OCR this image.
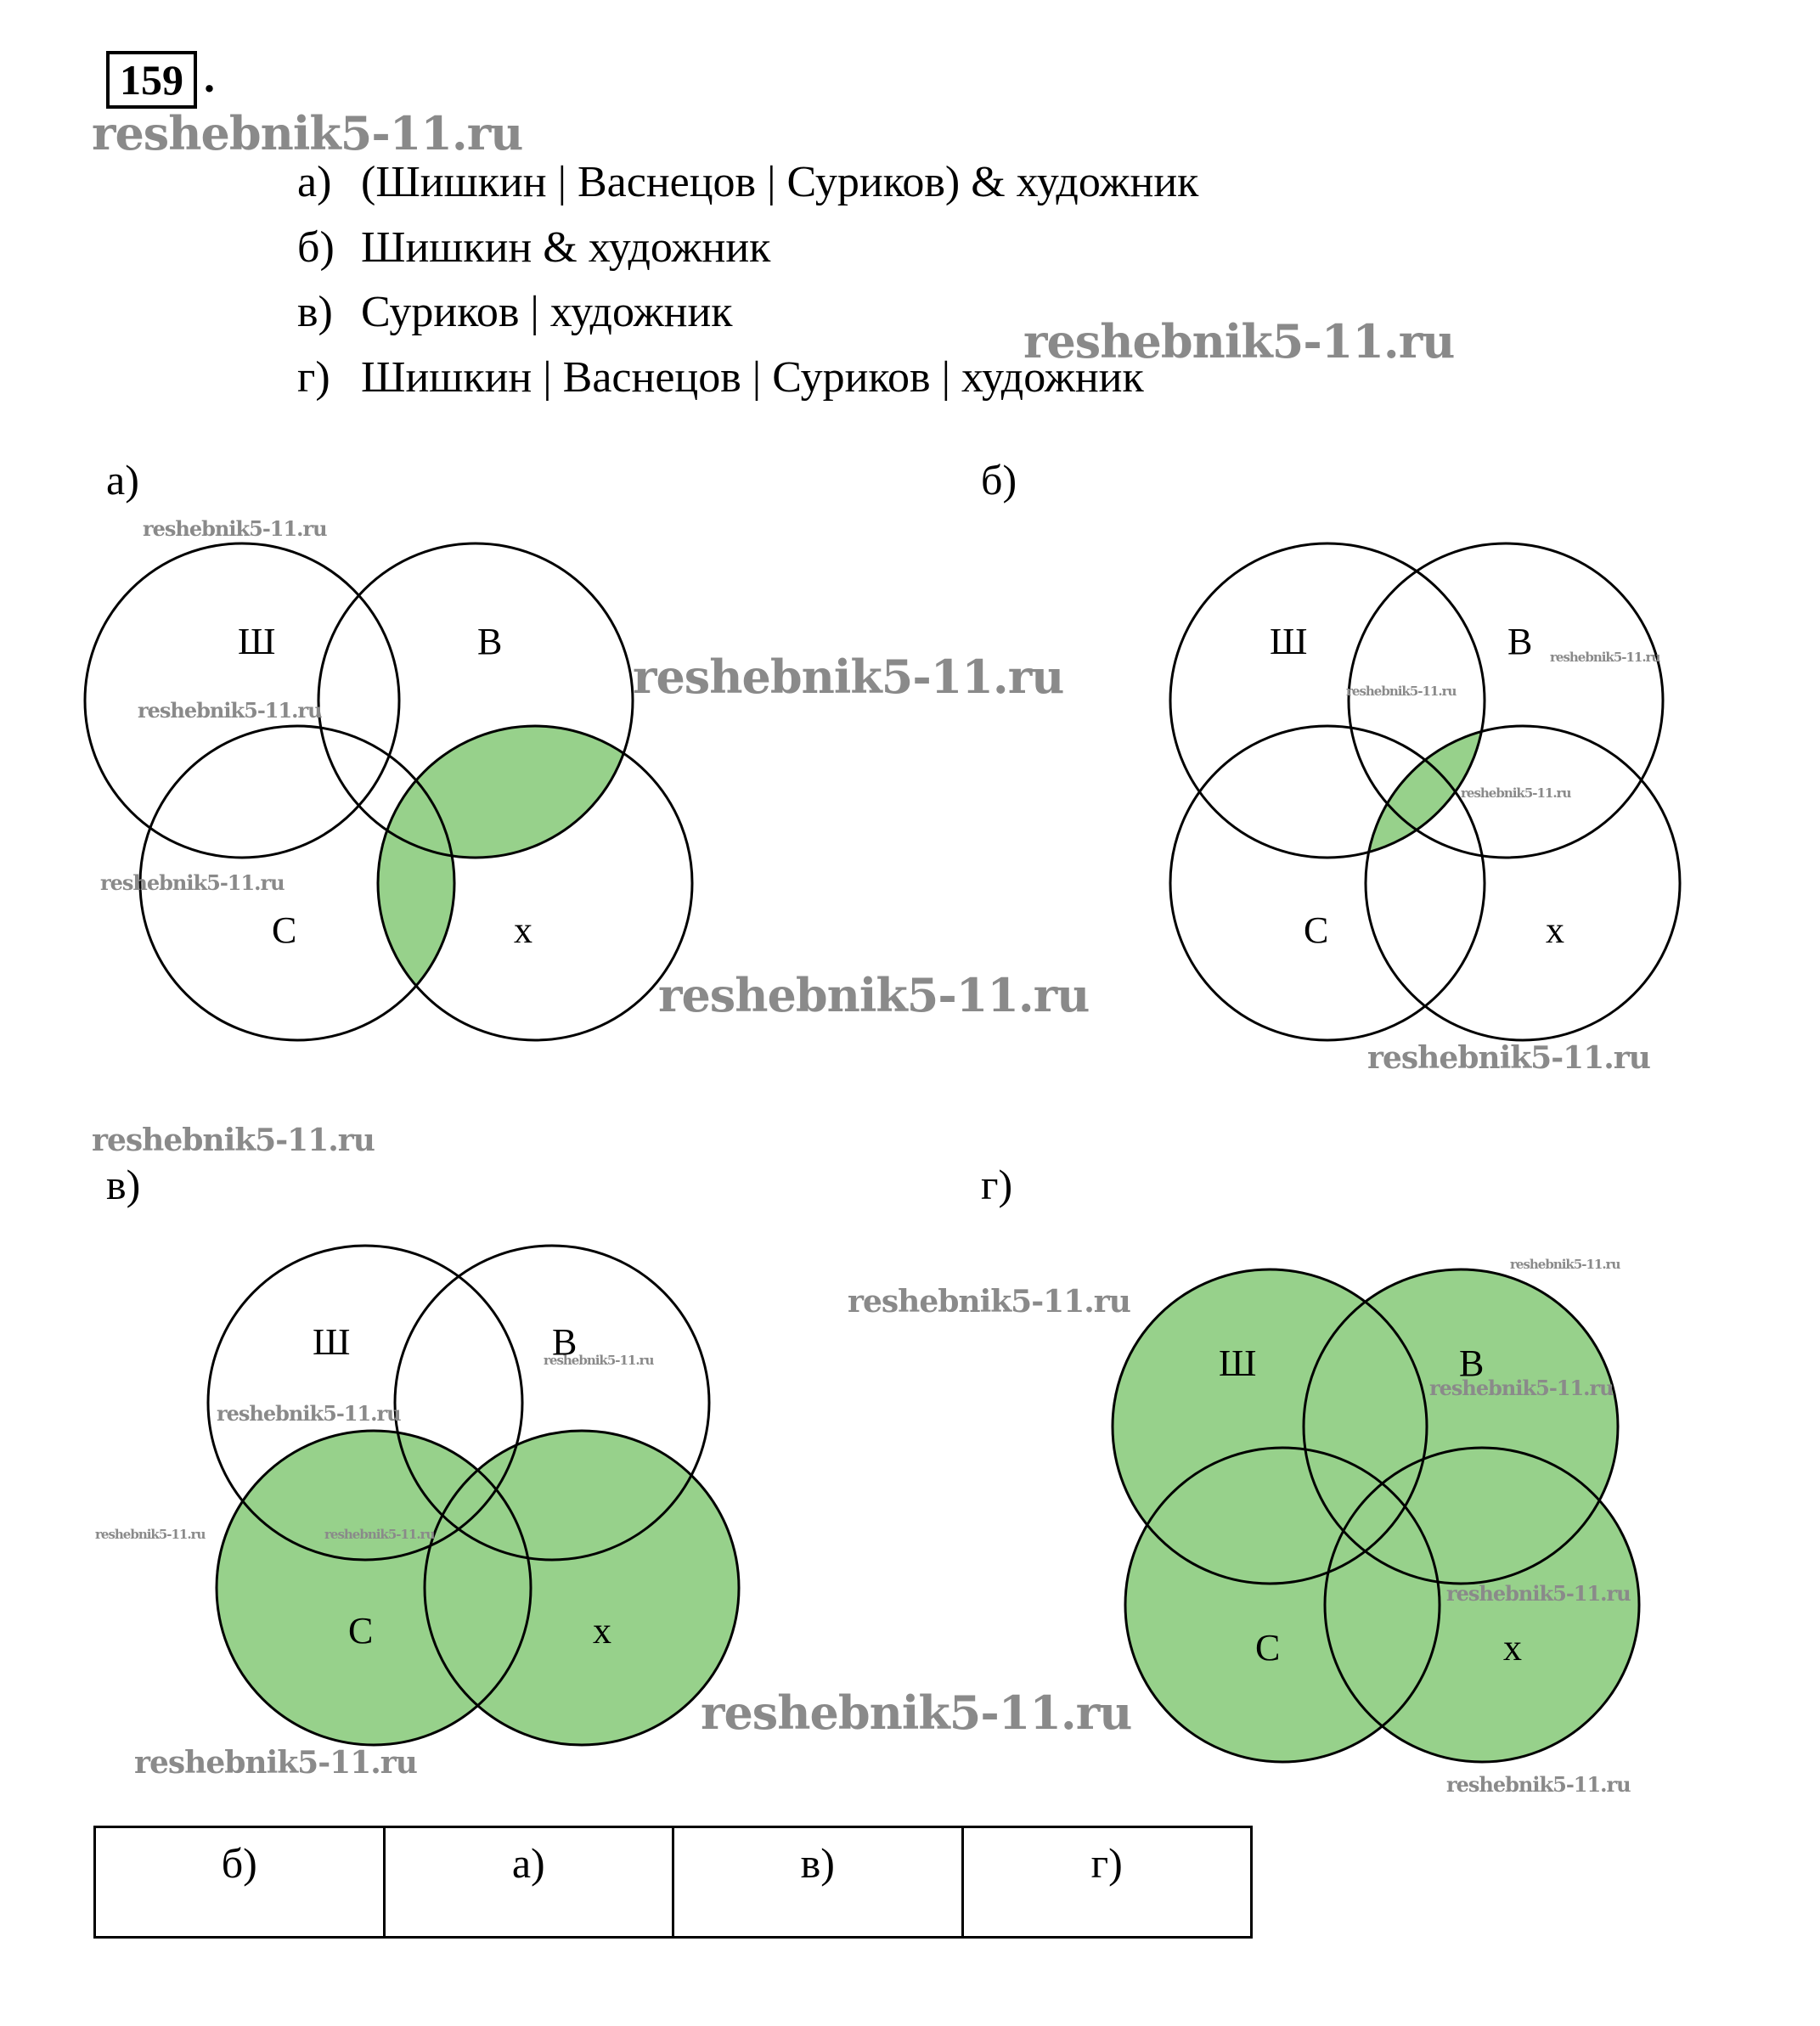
159 .
а) (Шишкин | Васнецов | Суриков) & художник
б) Шишкин & художник
в) Суриков | художник
г) Шишкин | Васнецов | Суриков | художник
а)	б)
в)	г)
Ш	В
С	х
Ш	В
С	х
Ш	В
С	х
Ш	В
С	х
reshebnik5-11.ru
reshebnik5-11.ru
reshebnik5-11.ru
reshebnik5-11.ru
reshebnik5-11.ru
reshebnik5-11.ru
reshebnik5-11.ru
reshebnik5-11.ru
reshebnik5-11.ru
reshebnik5-11.ru
reshebnik5-11.ru
reshebnik5-11.ru
reshebnik5-11.ru
reshebnik5-11.ru
reshebnik5-11.ru
reshebnik5-11.ru
reshebnik5-11.ru
reshebnik5-11.ru	reshebnik5-11.ru
reshebnik5-11.ru
reshebnik5-11.ru
reshebnik5-11.ru
reshebnik5-11.ru
б)	а)	в)	г)
